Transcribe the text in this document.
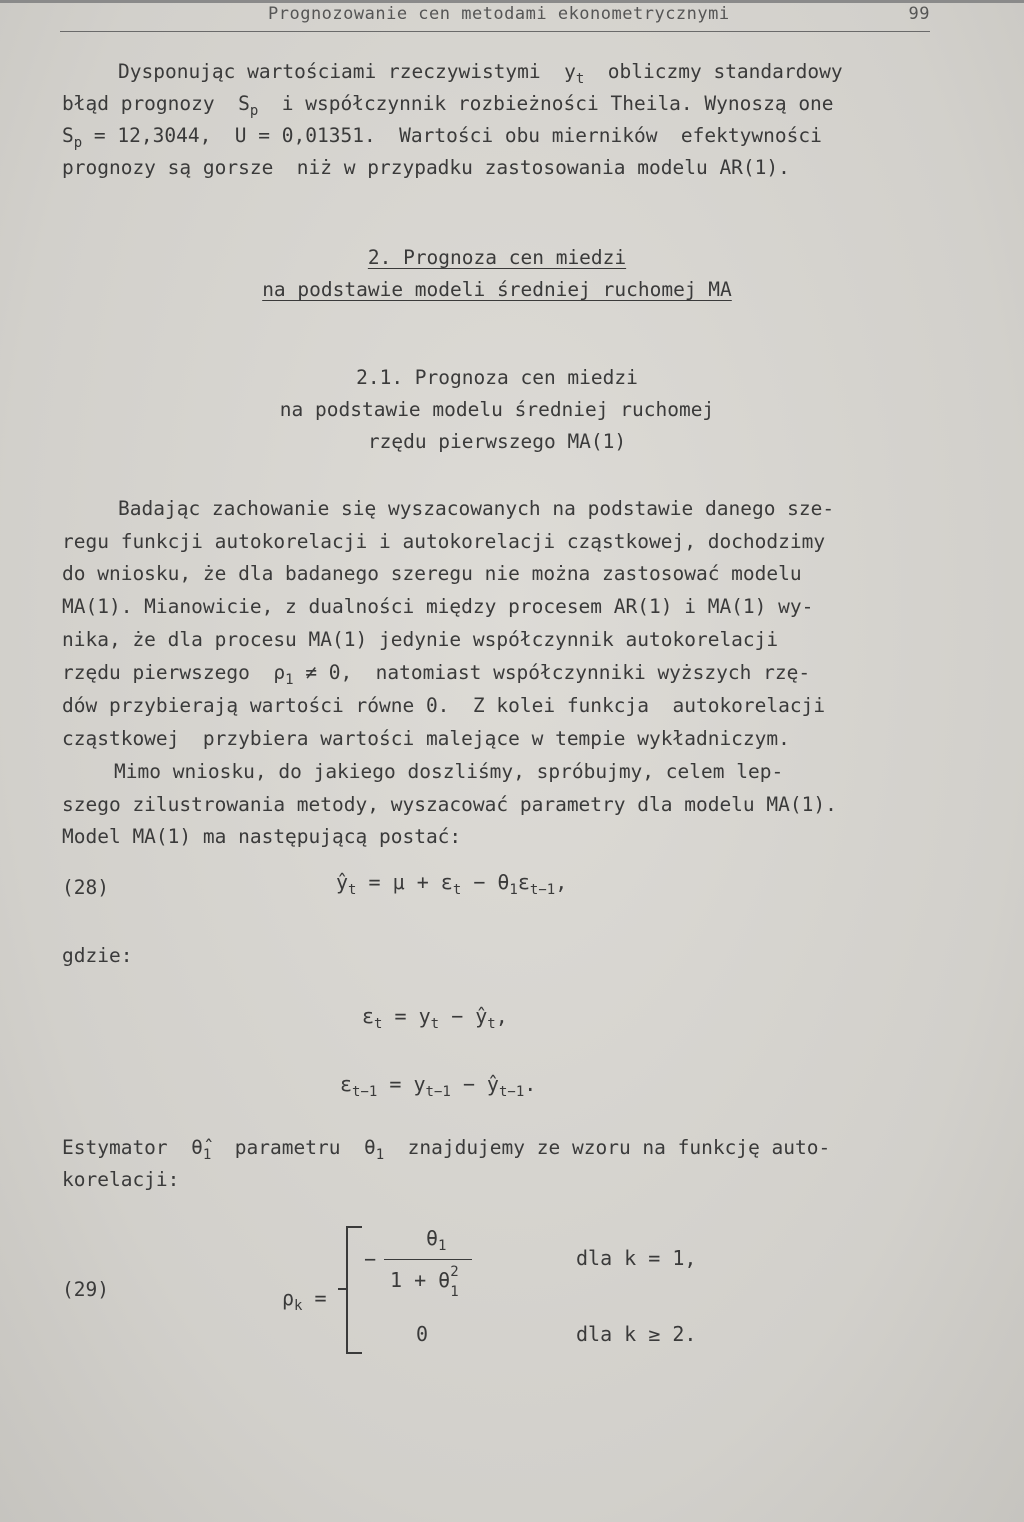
Prognozowanie cen metodami ekonometrycznymi

	99

Dysponując wartościami rzeczywistymi  $y_t$  obliczmy standardowy
błąd prognozy  $S_p$  i współczynnik rozbieżności Theila. Wynoszą one
$S_p = 12,3044$,  U = 0,01351.  Wartości obu mierników  efektywności
prognozy są gorsze  niż w przypadku zastosowania modelu AR(1).
2. Prognoza cen miedzi
na podstawie modeli średniej ruchomej MA
2.1. Prognoza cen miedzi
na podstawie modelu średniej ruchomej
rzędu pierwszego MA(1)
Badając zachowanie się wyszacowanych na podstawie danego sze-
regu funkcji autokorelacji i autokorelacji cząstkowej, dochodzimy
do wniosku, że dla badanego szeregu nie można zastosować modelu
MA(1). Mianowicie, z dualności między procesem AR(1) i MA(1) wy-
nika, że dla procesu MA(1) jedynie współczynnik autokorelacji
rzędu pierwszego  $\rho_1 \ne 0$,  natomiast współczynniki wyższych rzę-
dów przybierają wartości równe 0.  Z kolei funkcja  autokorelacji
cząstkowej  przybiera wartości malejące w tempie wykładniczym.
Mimo wniosku, do jakiego doszliśmy, spróbujmy, celem lep-
szego zilustrowania metody, wyszacować parametry dla modelu MA(1).
Model MA(1) ma następującą postać:
(28)	$ŷ_t = \mu + \varepsilon_t - \theta_1\varepsilon_{t-1}$,
gdzie:
$\varepsilon_t = y_t$ − $ŷ_t$,
$\varepsilon_{t-1} = y_{t-1}$ − $ŷ_{t-1}$.
Estymator  $\thetâ_1$  parametru  $\theta_1$  znajdujemy ze wzoru na funkcję auto-
korelacji:
(29)	$\rho_k$ =
−
$\theta_1$
1 + θ 2
1
dla k = 1,
0	dla k ≥ 2.
